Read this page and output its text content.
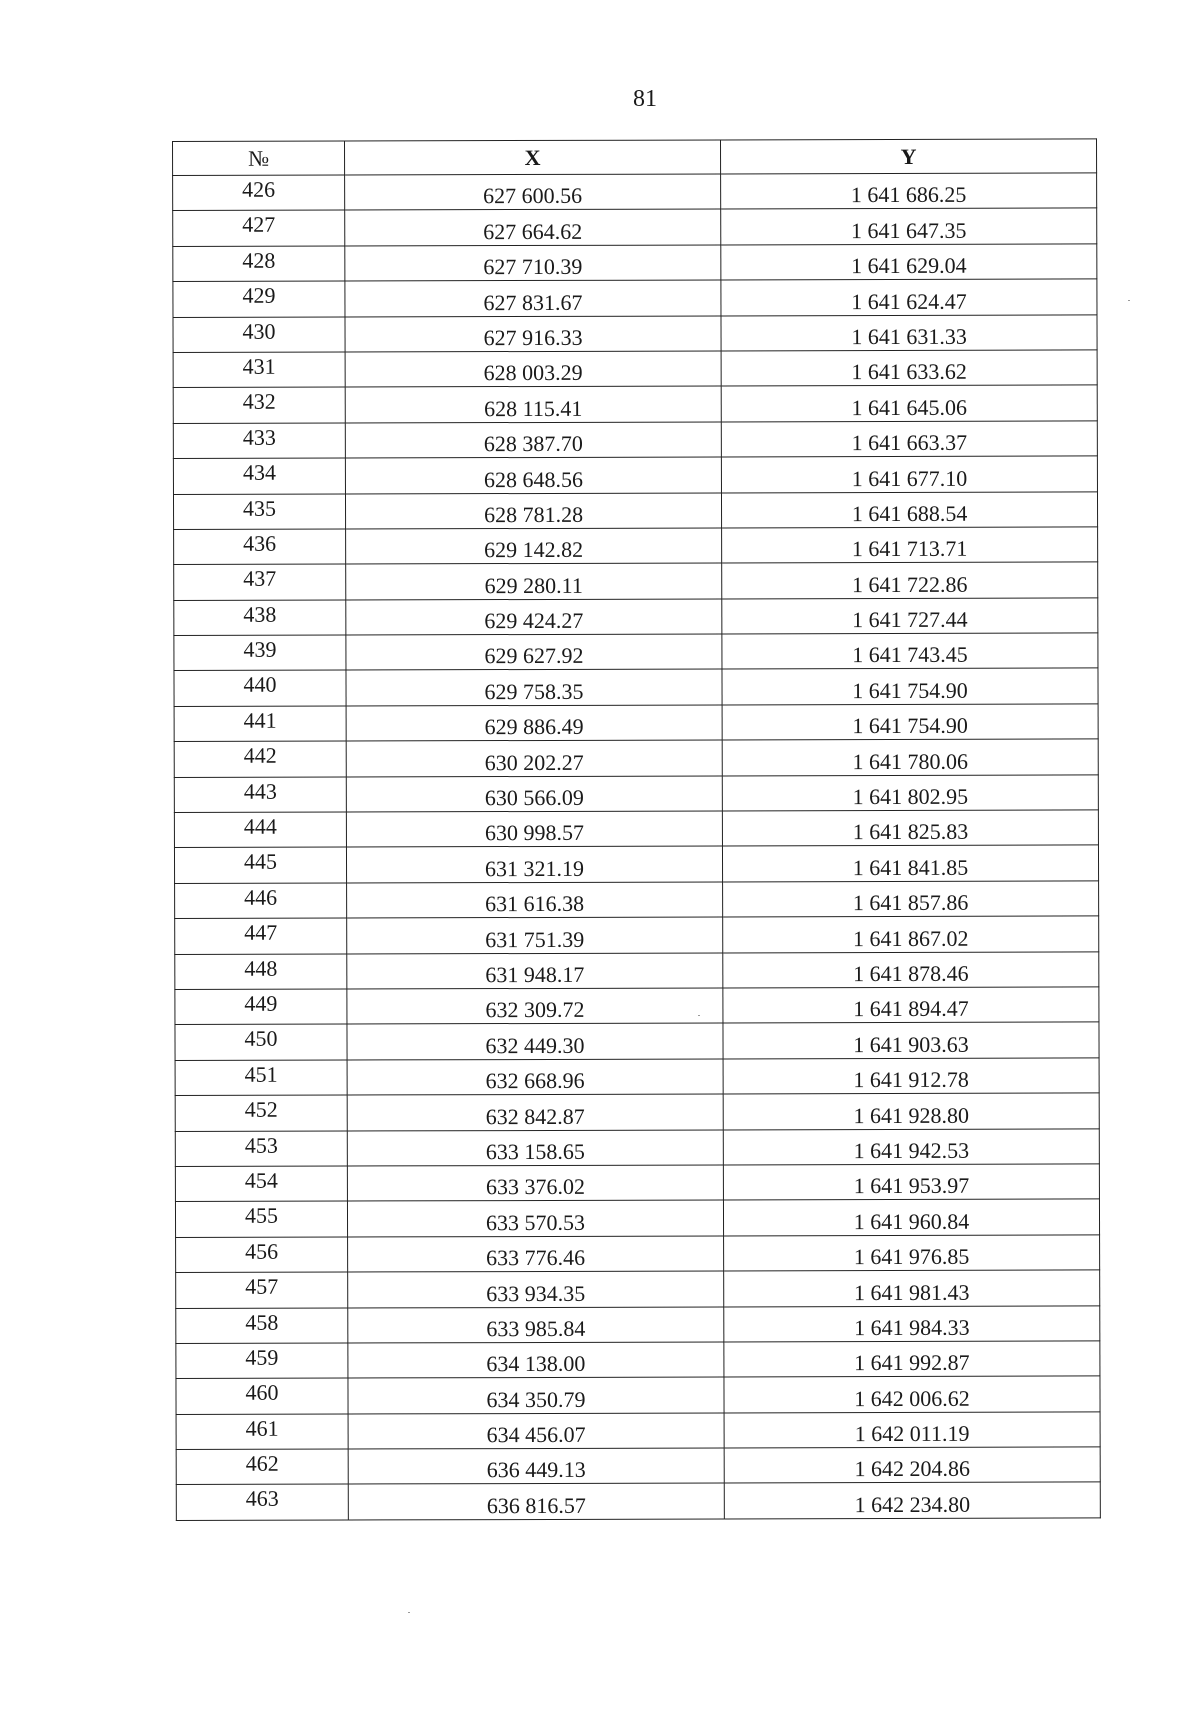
81
№	X	Y
426	627 600.56	1 641 686.25
427	627 664.62	1 641 647.35
428	627 710.39	1 641 629.04
429	627 831.67	1 641 624.47
430	627 916.33	1 641 631.33
431	628 003.29	1 641 633.62
432	628 115.41	1 641 645.06
433	628 387.70	1 641 663.37
434	628 648.56	1 641 677.10
435	628 781.28	1 641 688.54
436	629 142.82	1 641 713.71
437	629 280.11	1 641 722.86
438	629 424.27	1 641 727.44
439	629 627.92	1 641 743.45
440	629 758.35	1 641 754.90
441	629 886.49	1 641 754.90
442	630 202.27	1 641 780.06
443	630 566.09	1 641 802.95
444	630 998.57	1 641 825.83
445	631 321.19	1 641 841.85
446	631 616.38	1 641 857.86
447	631 751.39	1 641 867.02
448	631 948.17	1 641 878.46
449	632 309.72	1 641 894.47
450	632 449.30	1 641 903.63
451	632 668.96	1 641 912.78
452	632 842.87	1 641 928.80
453	633 158.65	1 641 942.53
454	633 376.02	1 641 953.97
455	633 570.53	1 641 960.84
456	633 776.46	1 641 976.85
457	633 934.35	1 641 981.43
458	633 985.84	1 641 984.33
459	634 138.00	1 641 992.87
460	634 350.79	1 642 006.62
461	634 456.07	1 642 011.19
462	636 449.13	1 642 204.86
463	636 816.57	1 642 234.80
